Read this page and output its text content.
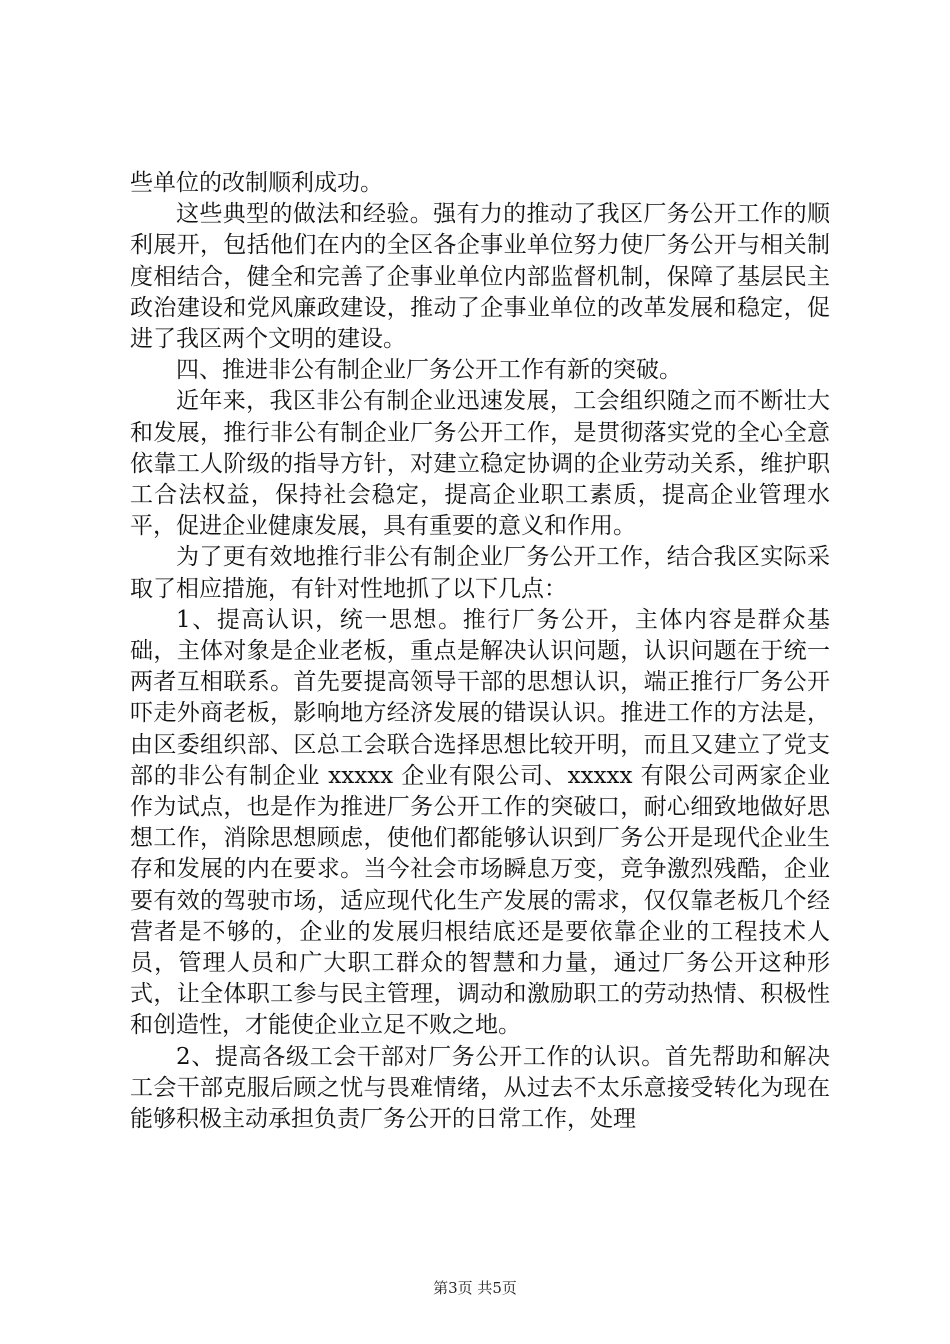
些单位的改制顺利成功。

这些典型的做法和经验。强有力的推动了我区厂务公开工作的顺利展开，包括他们在内的全区各企事业单位努力使厂务公开与相关制度相结合，健全和完善了企事业单位内部监督机制，保障了基层民主政治建设和党风廉政建设，推动了企事业单位的改革发展和稳定，促进了我区两个文明的建设。

四、推进非公有制企业厂务公开工作有新的突破。

近年来，我区非公有制企业迅速发展，工会组织随之而不断壮大和发展，推行非公有制企业厂务公开工作，是贯彻落实党的全心全意依靠工人阶级的指导方针，对建立稳定协调的企业劳动关系，维护职工合法权益，保持社会稳定，提高企业职工素质，提高企业管理水平，促进企业健康发展，具有重要的意义和作用。

为了更有效地推行非公有制企业厂务公开工作，结合我区实际采取了相应措施，有针对性地抓了以下几点：

1、提高认识，统一思想。推行厂务公开，主体内容是群众基础，主体对象是企业老板，重点是解决认识问题，认识问题在于统一两者互相联系。首先要提高领导干部的思想认识，端正推行厂务公开吓走外商老板，影响地方经济发展的错误认识。推进工作的方法是，由区委组织部、区总工会联合选择思想比较开明，而且又建立了党支部的非公有制企业 xxxxx 企业有限公司、xxxxx 有限公司两家企业作为试点，也是作为推进厂务公开工作的突破口，耐心细致地做好思想工作，消除思想顾虑，使他们都能够认识到厂务公开是现代企业生存和发展的内在要求。当今社会市场瞬息万变，竞争激烈残酷，企业要有效的驾驶市场，适应现代化生产发展的需求，仅仅靠老板几个经营者是不够的，企业的发展归根结底还是要依靠企业的工程技术人员，管理人员和广大职工群众的智慧和力量，通过厂务公开这种形式，让全体职工参与民主管理，调动和激励职工的劳动热情、积极性和创造性，才能使企业立足不败之地。

2、提高各级工会干部对厂务公开工作的认识。首先帮助和解决工会干部克服后顾之忧与畏难情绪，从过去不太乐意接受转化为现在能够积极主动承担负责厂务公开的日常工作，处理

第3页 共5页
